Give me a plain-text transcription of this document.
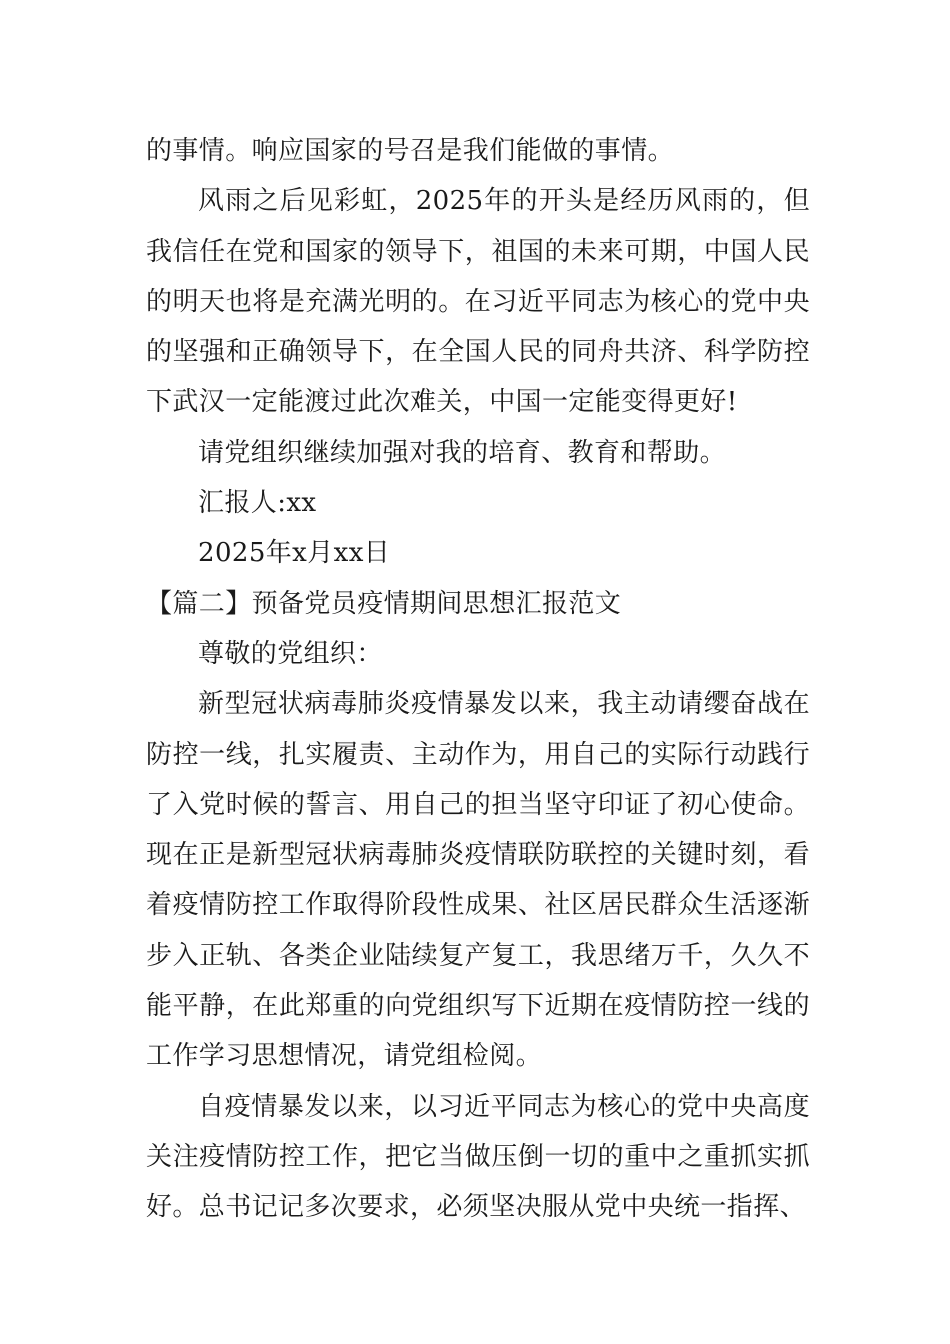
的事情。响应国家的号召是我们能做的事情。

风雨之后见彩虹，2025年的开头是经历风雨的，但我信任在党和国家的领导下，祖国的未来可期，中国人民的明天也将是充满光明的。在习近平同志为核心的党中央的坚强和正确领导下，在全国人民的同舟共济、科学防控下武汉一定能渡过此次难关，中国一定能变得更好!

请党组织继续加强对我的培育、教育和帮助。

汇报人:xx

2025年x月xx日

【篇二】预备党员疫情期间思想汇报范文

尊敬的党组织：

新型冠状病毒肺炎疫情暴发以来，我主动请缨奋战在防控一线，扎实履责、主动作为，用自己的实际行动践行了入党时候的誓言、用自己的担当坚守印证了初心使命。现在正是新型冠状病毒肺炎疫情联防联控的关键时刻，看着疫情防控工作取得阶段性成果、社区居民群众生活逐渐步入正轨、各类企业陆续复产复工，我思绪万千，久久不能平静，在此郑重的向党组织写下近期在疫情防控一线的工作学习思想情况，请党组检阅。

自疫情暴发以来，以习近平同志为核心的党中央高度关注疫情防控工作，把它当做压倒一切的重中之重抓实抓好。总书记记多次要求，必须坚决服从党中央统一指挥、
